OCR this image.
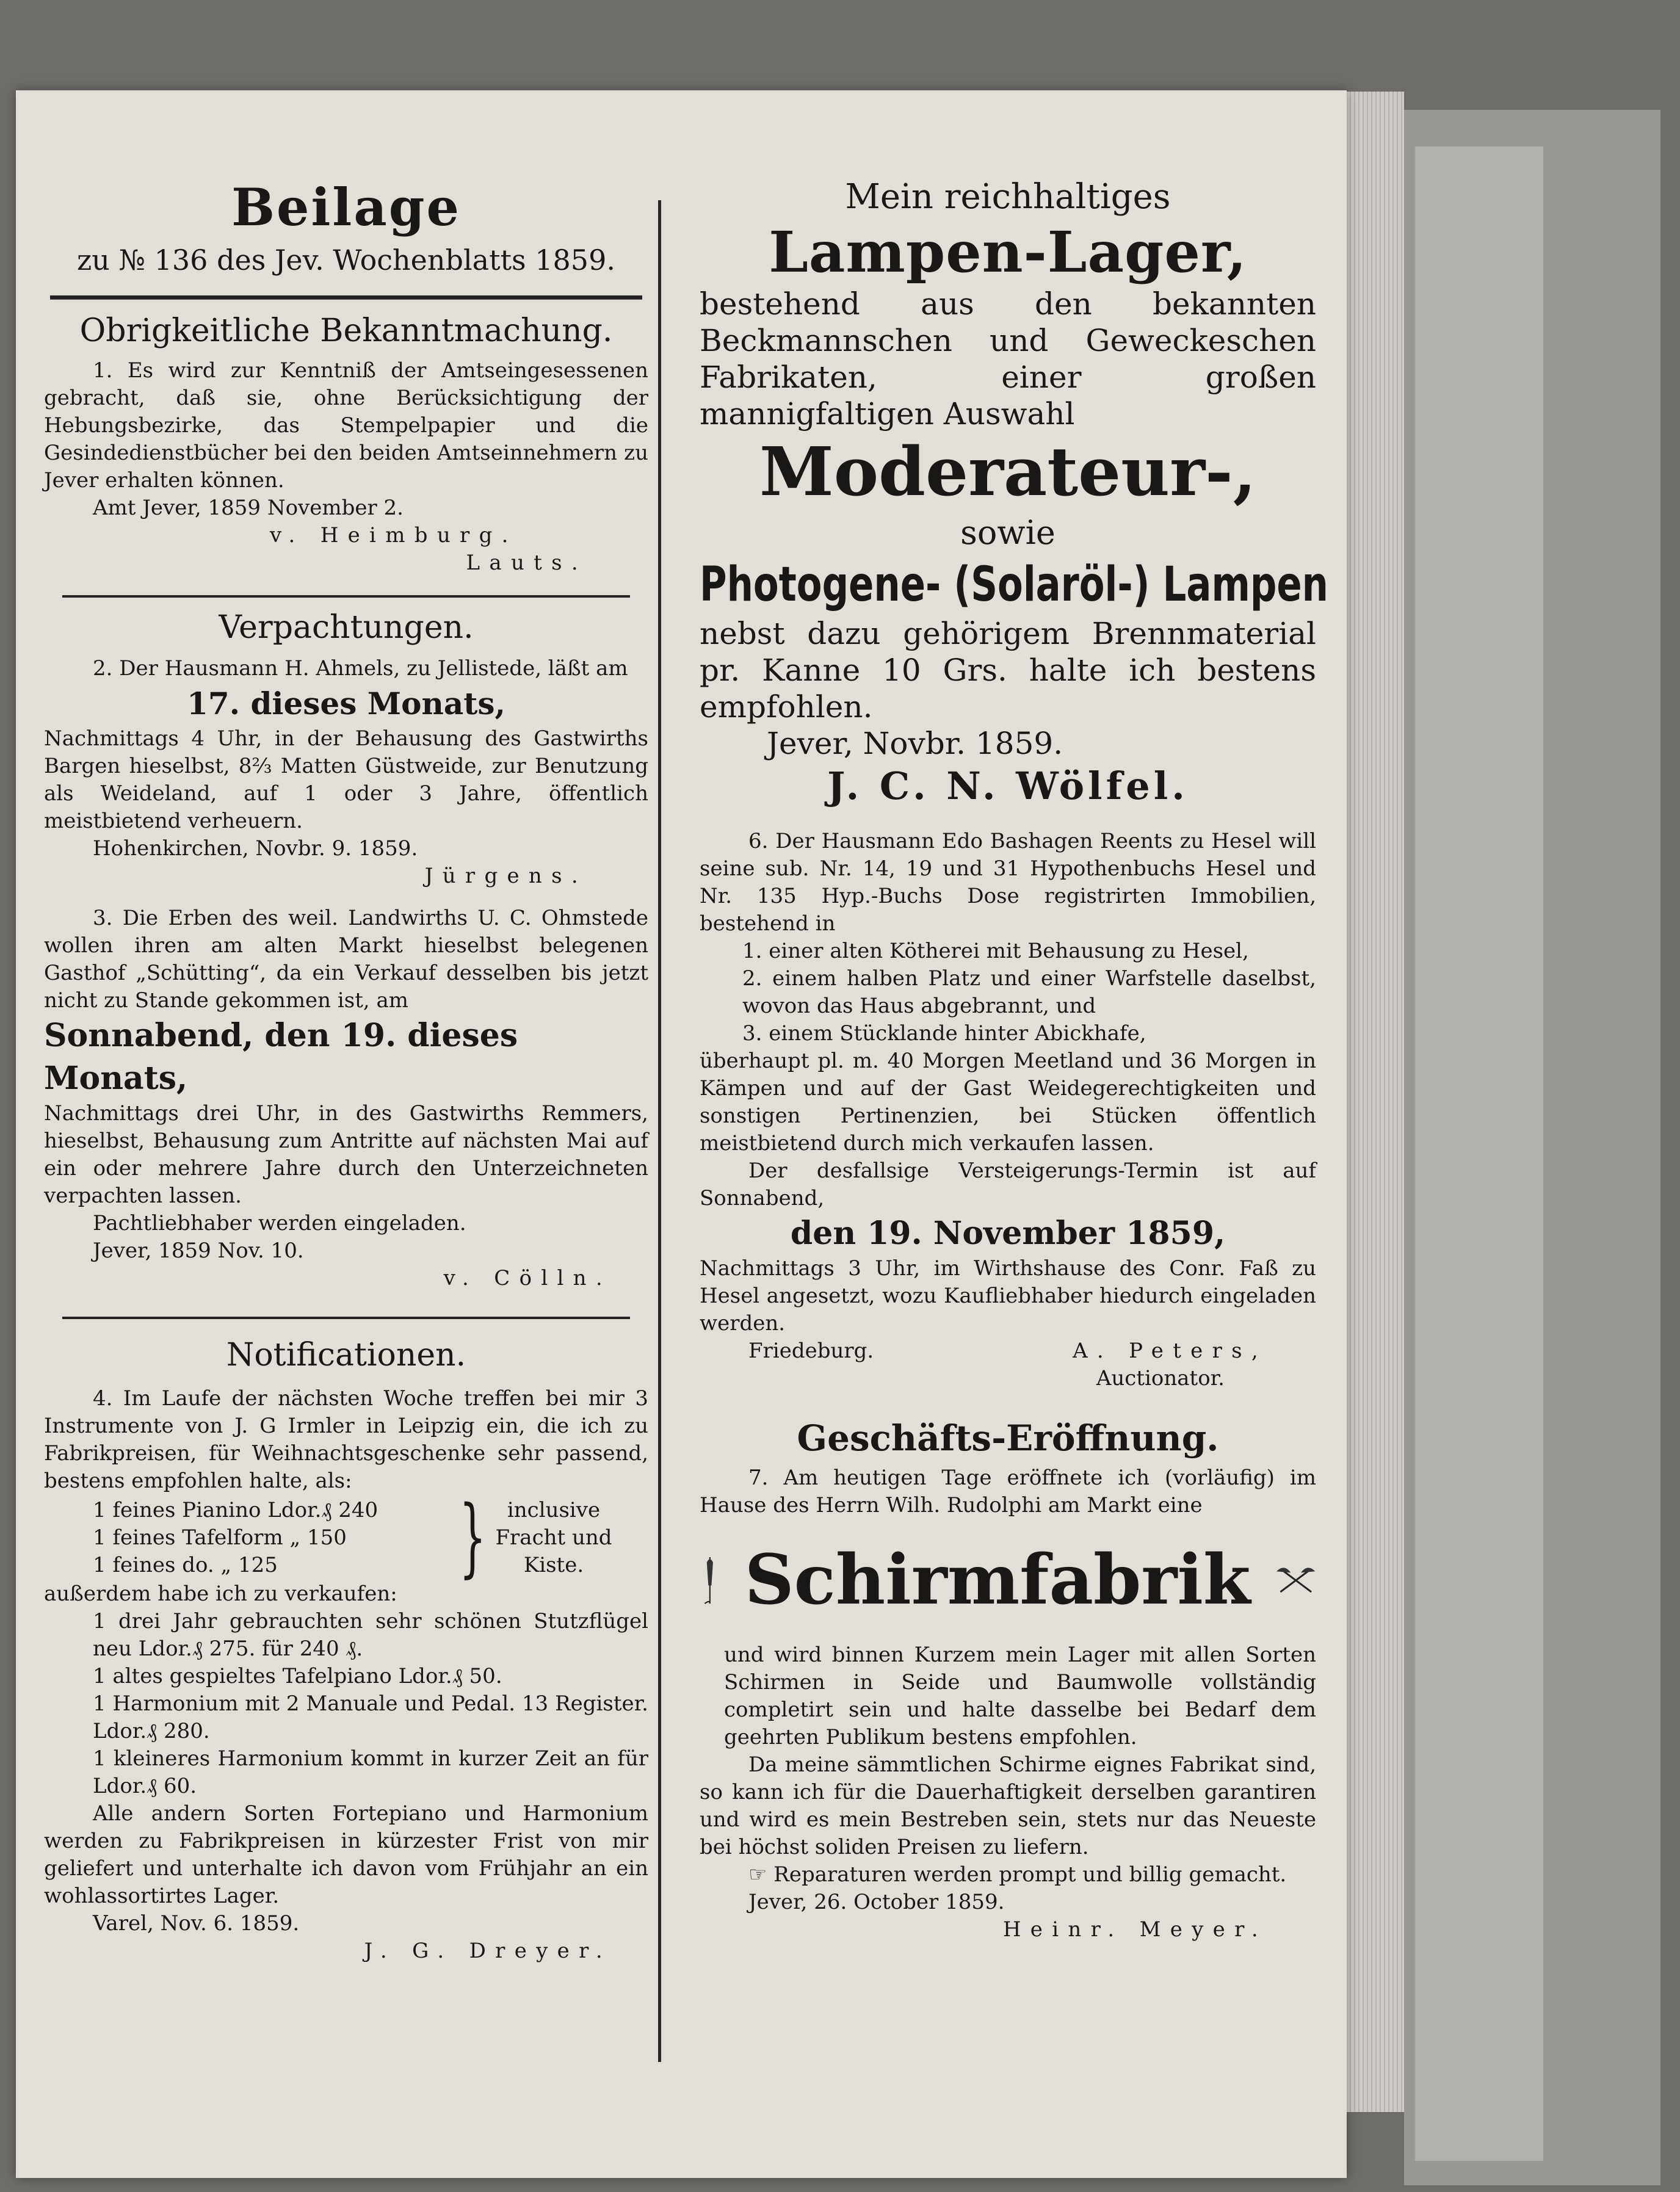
Beilage

zu № 136 des Jev. Wochenblatts 1859.

Obrigkeitliche Bekanntmachung.

1. Es wird zur Kenntniß der Amtseingesessenen gebracht, daß sie, ohne Berücksichtigung der Hebungsbezirke, das Stempelpapier und die Gesindedienstbücher bei den beiden Amtseinnehmern zu Jever erhalten können.

Amt Jever, 1859 November 2.

v. Heimburg.

Lauts.

Verpachtungen.

2. Der Hausmann H. Ahmels, zu Jellistede, läßt am

17. dieses Monats,

Nachmittags 4 Uhr, in der Behausung des Gastwirths Bargen hieselbst, 8⅔ Matten Güstweide, zur Benutzung als Weideland, auf 1 oder 3 Jahre, öffentlich meistbietend verheuern.

Hohenkirchen, Novbr. 9. 1859.

Jürgens.

3. Die Erben des weil. Landwirths U. C. Ohmstede wollen ihren am alten Markt hieselbst belegenen Gasthof „Schütting“, da ein Verkauf desselben bis jetzt nicht zu Stande gekommen ist, am

Sonnabend, den 19. dieses Monats,

Nachmittags drei Uhr, in des Gastwirths Remmers, hieselbst, Behausung zum Antritte auf nächsten Mai auf ein oder mehrere Jahre durch den Unterzeichneten verpachten lassen.

Pachtliebhaber werden eingeladen.

Jever, 1859 Nov. 10.

v. Cölln.

Notificationen.

4. Im Laufe der nächsten Woche treffen bei mir 3 Instrumente von J. G Irmler in Leipzig ein, die ich zu Fabrikpreisen, für Weihnachtsgeschenke sehr passend, bestens empfohlen halte, als:

1 feines Pianino Ldor.₰ 240

1 feines Tafelform „ 150

1 feines do. „ 125	}	inclusive Fracht und Kiste.

außerdem habe ich zu verkaufen:

1 drei Jahr gebrauchten sehr schönen Stutzflügel neu Ldor.₰ 275. für 240 ₰.

1 altes gespieltes Tafelpiano Ldor.₰ 50.

1 Harmonium mit 2 Manuale und Pedal. 13 Register. Ldor.₰ 280.

1 kleineres Harmonium kommt in kurzer Zeit an für Ldor.₰ 60.

Alle andern Sorten Fortepiano und Harmonium werden zu Fabrikpreisen in kürzester Frist von mir geliefert und unterhalte ich davon vom Frühjahr an ein wohlassortirtes Lager.

Varel, Nov. 6. 1859.

J. G. Dreyer.

Mein reichhaltiges

Lampen-Lager,

bestehend aus den bekannten Beckmannschen und Geweckeschen Fabrikaten, einer großen mannigfaltigen Auswahl

Moderateur-,

sowie

Photogene- (Solaröl-) Lampen

nebst dazu gehörigem Brennmaterial pr. Kanne 10 Grs. halte ich bestens empfohlen.

Jever, Novbr. 1859.

J. C. N. Wölfel.

6. Der Hausmann Edo Bashagen Reents zu Hesel will seine sub. Nr. 14, 19 und 31 Hypothenbuchs Hesel und Nr. 135 Hyp.-Buchs Dose registrirten Immobilien, bestehend in

1. einer alten Kötherei mit Behausung zu Hesel,

2. einem halben Platz und einer Warfstelle daselbst, wovon das Haus abgebrannt, und

3. einem Stücklande hinter Abickhafe,

überhaupt pl. m. 40 Morgen Meetland und 36 Morgen in Kämpen und auf der Gast Weidegerechtigkeiten und sonstigen Pertinenzien, bei Stücken öffentlich meistbietend durch mich verkaufen lassen.

Der desfallsige Versteigerungs-Termin ist auf Sonnabend,

den 19. November 1859,

Nachmittags 3 Uhr, im Wirthshause des Conr. Faß zu Hesel angesetzt, wozu Kaufliebhaber hiedurch eingeladen werden.

Friedeburg.	A. Peters,

Auctionator.

Geschäfts-Eröffnung.

7. Am heutigen Tage eröffnete ich (vorläufig) im Hause des Herrn Wilh. Rudolphi am Markt eine

Schirmfabrik

und wird binnen Kurzem mein Lager mit allen Sorten Schirmen in Seide und Baumwolle vollständig completirt sein und halte dasselbe bei Bedarf dem geehrten Publikum bestens empfohlen.

Da meine sämmtlichen Schirme eignes Fabrikat sind, so kann ich für die Dauerhaftigkeit derselben garantiren und wird es mein Bestreben sein, stets nur das Neueste bei höchst soliden Preisen zu liefern.

☞ Reparaturen werden prompt und billig gemacht.

Jever, 26. October 1859.

Heinr. Meyer.
